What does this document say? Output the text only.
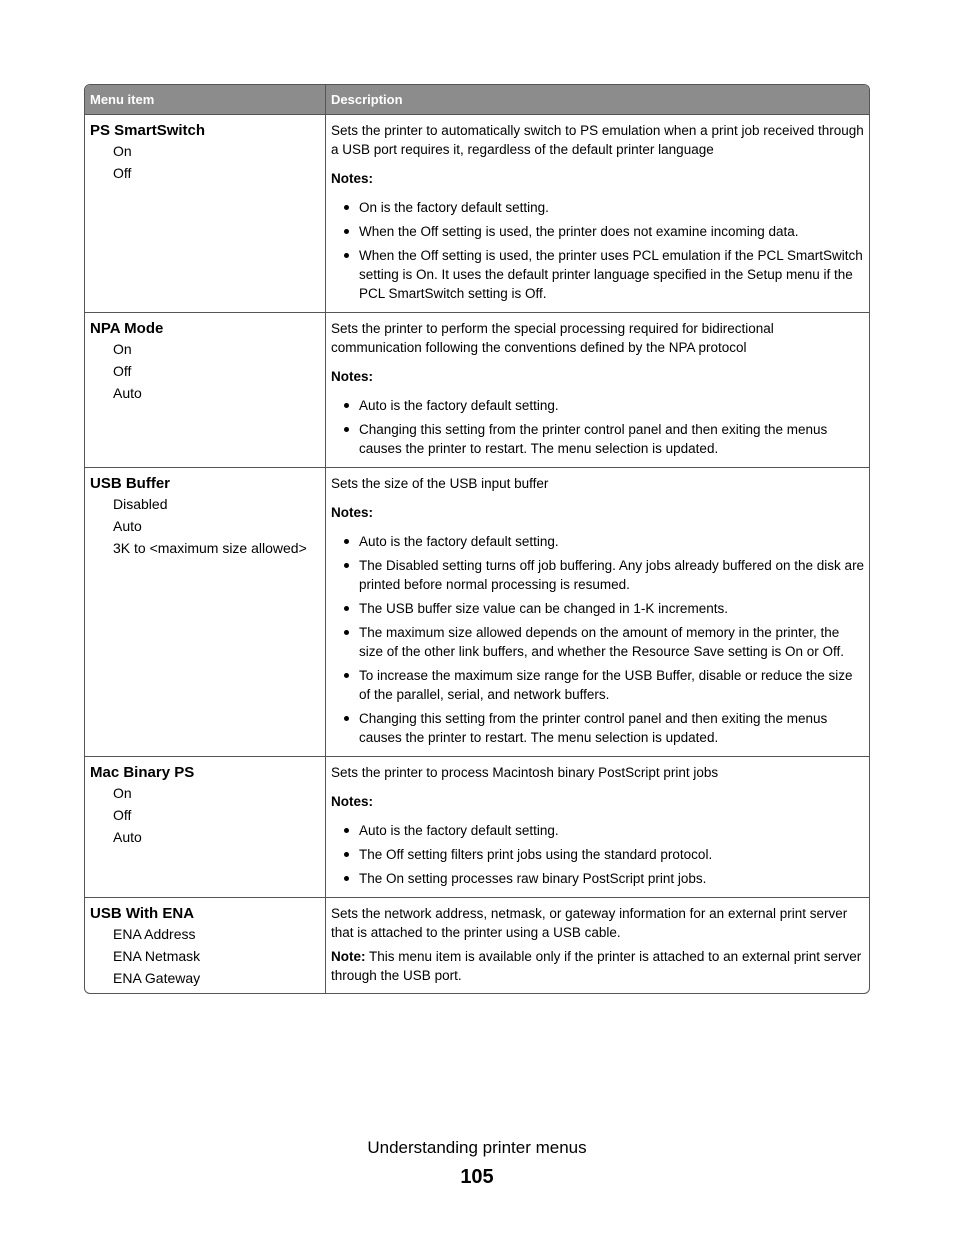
Menu item	Description
PS SmartSwitch
On
Off

Sets the printer to automatically switch to PS emulation when a print job received through a USB port requires it, regardless of the default printer language

Notes:
On is the factory default setting.
When the Off setting is used, the printer does not examine incoming data.
When the Off setting is used, the printer uses PCL emulation if the PCL SmartSwitch setting is On. It uses the default printer language specified in the Setup menu if the PCL SmartSwitch setting is Off.
NPA Mode
On
Off
Auto

Sets the printer to perform the special processing required for bidirectional communication following the conventions defined by the NPA protocol

Notes:
Auto is the factory default setting.
Changing this setting from the printer control panel and then exiting the menus causes the printer to restart. The menu selection is updated.
USB Buffer
Disabled
Auto
3K to <maximum size allowed>

Sets the size of the USB input buffer

Notes:
Auto is the factory default setting.
The Disabled setting turns off job buffering. Any jobs already buffered on the disk are printed before normal processing is resumed.
The USB buffer size value can be changed in 1-K increments.
The maximum size allowed depends on the amount of memory in the printer, the size of the other link buffers, and whether the Resource Save setting is On or Off.
To increase the maximum size range for the USB Buffer, disable or reduce the size of the parallel, serial, and network buffers.
Changing this setting from the printer control panel and then exiting the menus causes the printer to restart. The menu selection is updated.
Mac Binary PS
On
Off
Auto

Sets the printer to process Macintosh binary PostScript print jobs

Notes:
Auto is the factory default setting.
The Off setting filters print jobs using the standard protocol.
The On setting processes raw binary PostScript print jobs.
USB With ENA
ENA Address
ENA Netmask
ENA Gateway

Sets the network address, netmask, or gateway information for an external print server that is attached to the printer using a USB cable.

Note: This menu item is available only if the printer is attached to an external print server through the USB port.

Understanding printer menus
105
